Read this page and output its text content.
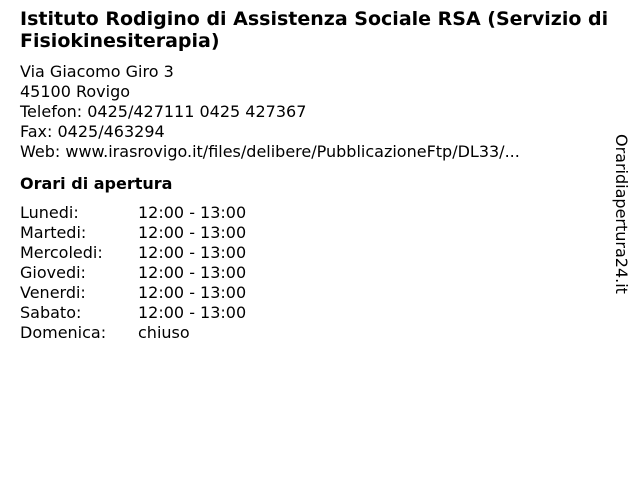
Istituto Rodigino di Assistenza Sociale RSA (Servizio di Fisiokinesiterapia)
Via Giacomo Giro 3
45100 Rovigo
Telefon: 0425/427111 0425 427367
Fax: 0425/463294
Web: www.irasrovigo.it/files/delibere/PubblicazioneFtp/DL33/...
Orari di apertura
Lunedi:	12:00 - 13:00
Martedi:	12:00 - 13:00
Mercoledi:	12:00 - 13:00
Giovedi:	12:00 - 13:00
Venerdi:	12:00 - 13:00
Sabato:	12:00 - 13:00
Domenica:	chiuso
Oraridiapertura24.it
